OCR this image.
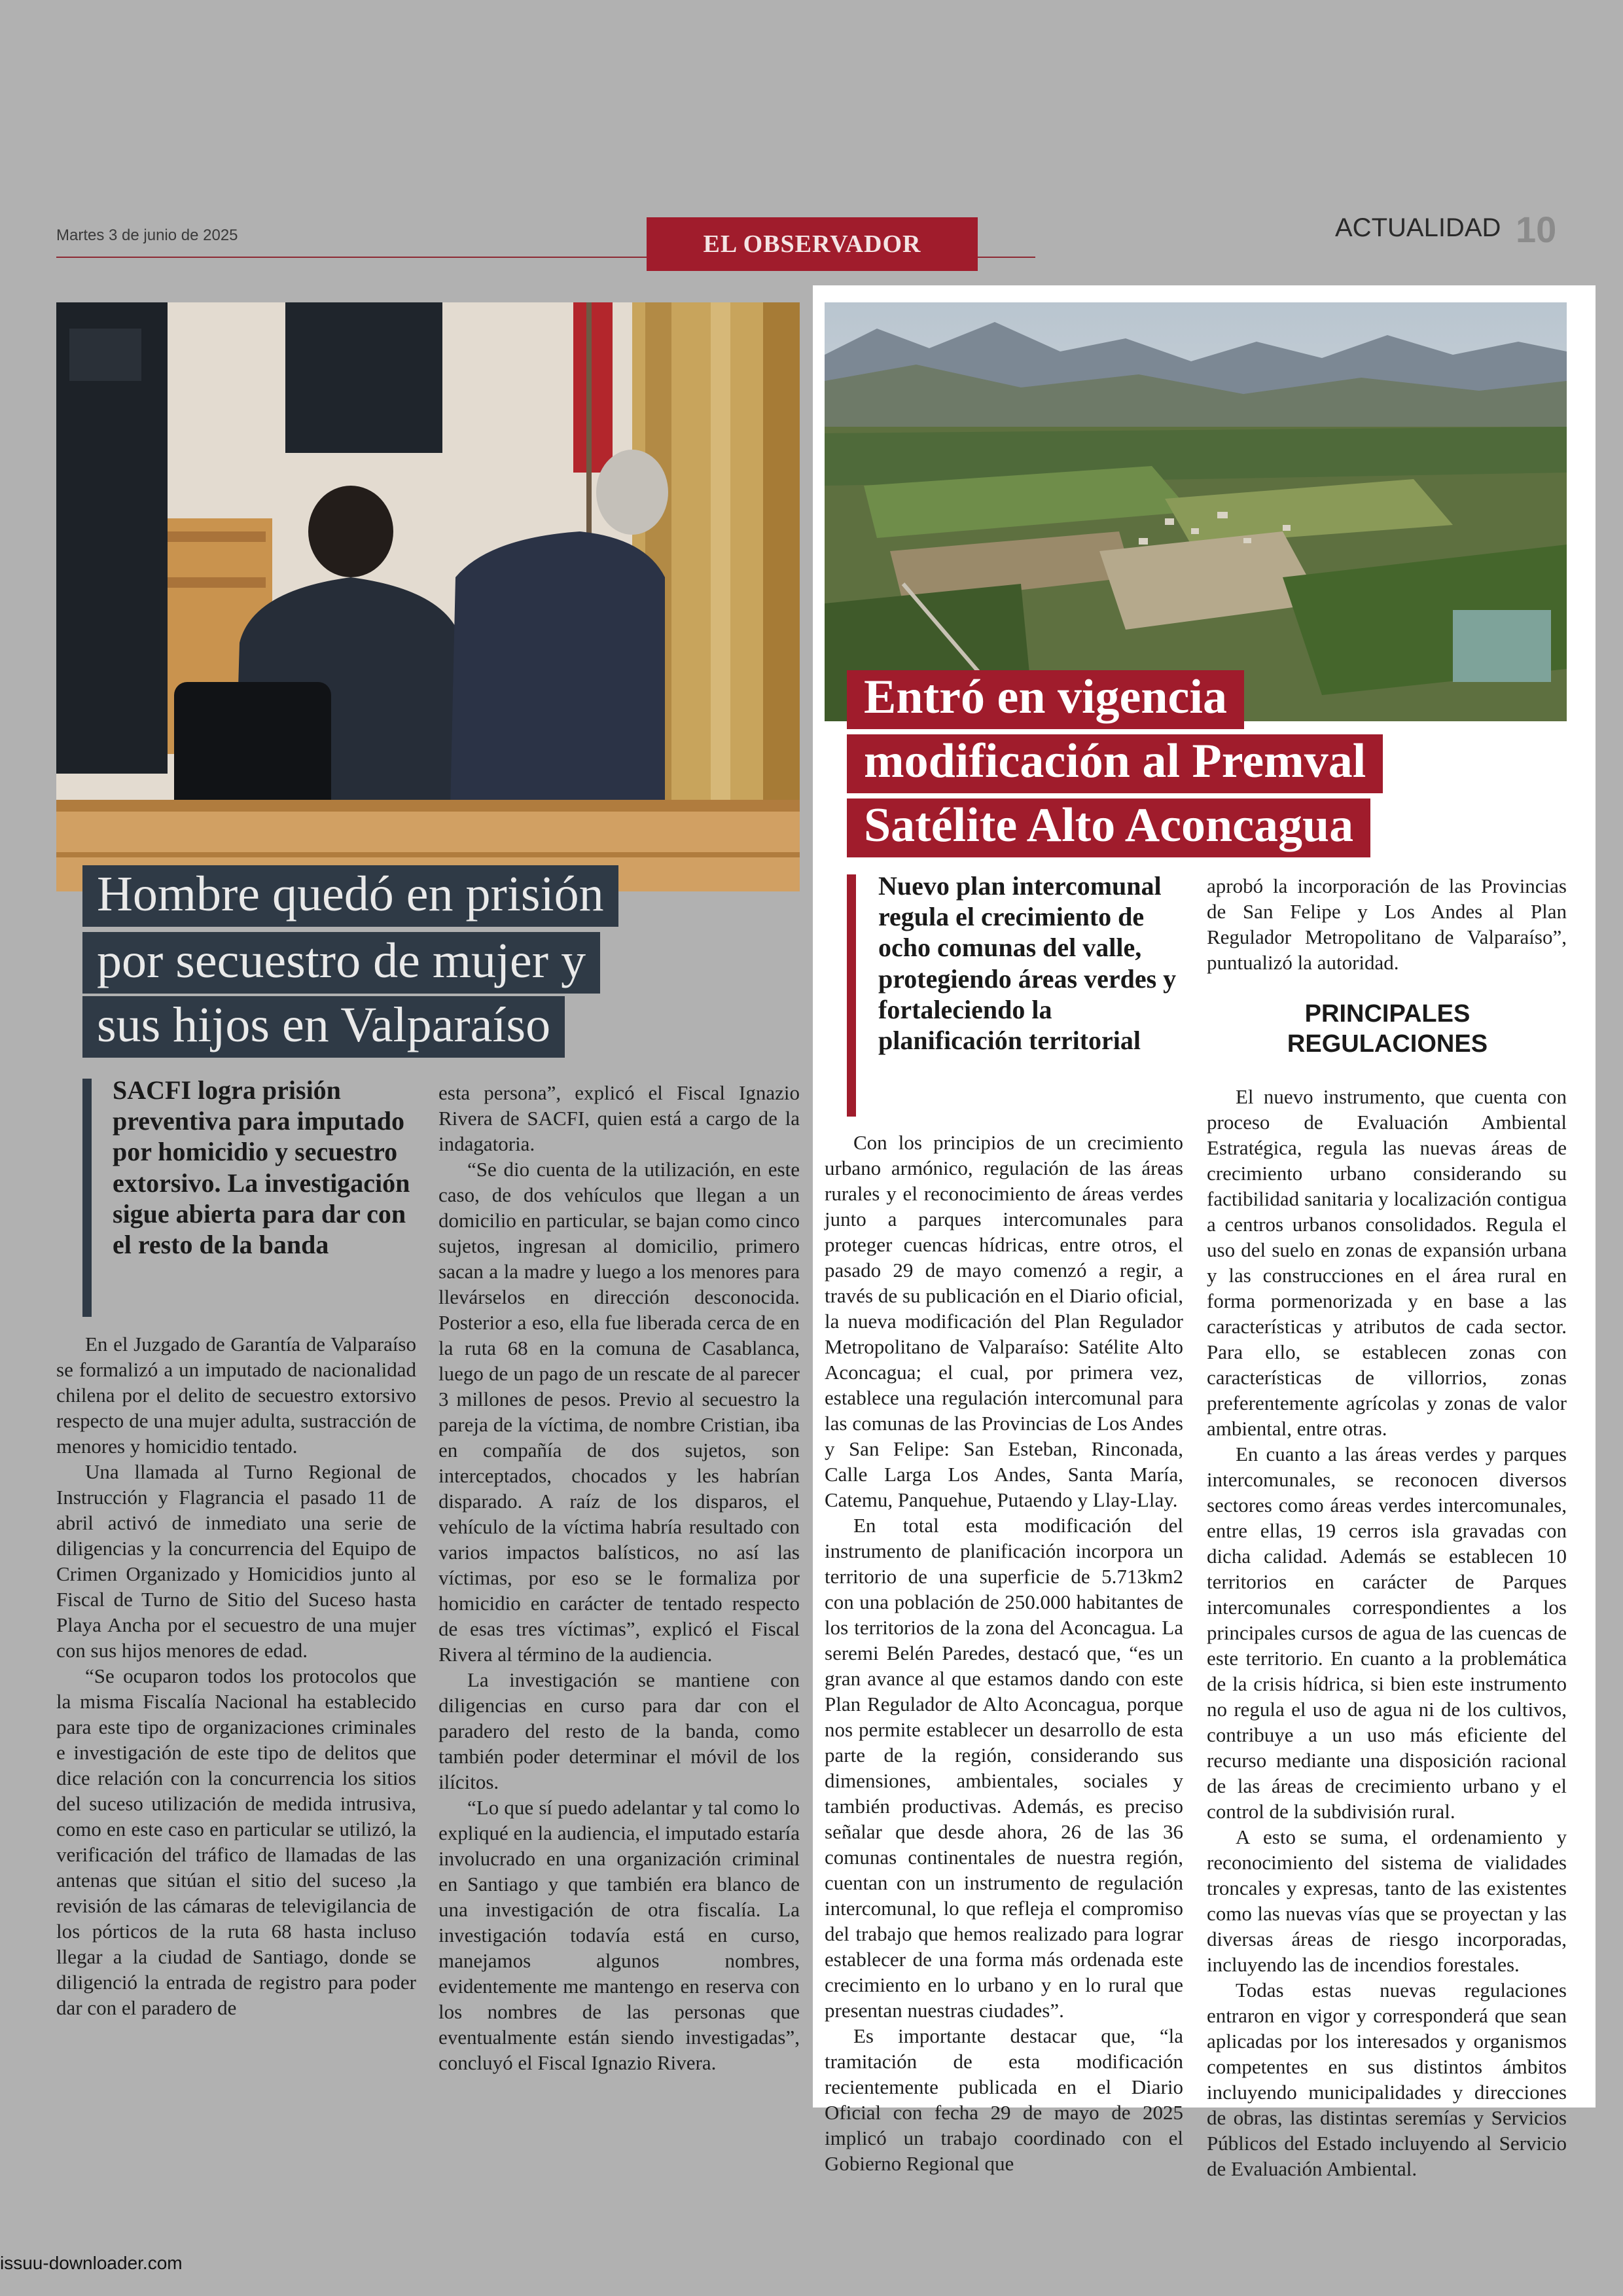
Martes 3 de junio de 2025	EL OBSERVADOR
ACTUALIDAD 10
Hombre quedó en prisión
por secuestro de mujer y
sus hijos en Valparaíso
SACFI logra prisión preventiva para imputado por homicidio y secuestro extorsivo. La investigación sigue abierta para dar con el resto de la banda

En el Juzgado de Garantía de Valparaíso se formalizó a un imputado de nacionalidad chilena por el delito de secuestro extorsivo respecto de una mujer adulta, sustracción de menores y homicidio tentado.

Una llamada al Turno Regional de Instrucción y Flagrancia el pasado 11 de abril activó de inmediato una serie de diligencias y la concurrencia del Equipo de Crimen Organizado y Homicidios junto al Fiscal de Turno de Sitio del Suceso hasta Playa Ancha por el secuestro de una mujer con sus hijos menores de edad.

“Se ocuparon todos los protocolos que la misma Fiscalía Nacional ha establecido para este tipo de organizaciones criminales e investigación de este tipo de delitos que dice relación con la concurrencia los sitios del suceso utilización de medida intrusiva, como en este caso en particular se utilizó, la verificación del tráfico de llamadas de las antenas que sitúan el sitio del suceso ,la revisión de las cámaras de televigilancia de los pórticos de la ruta 68 hasta incluso llegar a la ciudad de Santiago, donde se diligenció la entrada de registro para poder dar con el paradero de

esta persona”, explicó el Fiscal Ignazio Rivera de SACFI, quien está a cargo de la indagatoria.

“Se dio cuenta de la utilización, en este caso, de dos vehículos que llegan a un domicilio en particular, se bajan como cinco sujetos, ingresan al domicilio, primero sacan a la madre y luego a los menores para llevárselos en dirección desconocida. Posterior a eso, ella fue liberada cerca de en la ruta 68 en la comuna de Casablanca, luego de un pago de un rescate de al parecer 3 millones de pesos. Previo al secuestro la pareja de la víctima, de nombre Cristian, iba en compañía de dos sujetos, son interceptados, chocados y les habrían disparado. A raíz de los disparos, el vehículo de la víctima habría resultado con varios impactos balísticos, no así las víctimas, por eso se le formaliza por homicidio en carácter de tentado respecto de esas tres víctimas”, explicó el Fiscal Rivera al término de la audiencia.

La investigación se mantiene con diligencias en curso para dar con el paradero del resto de la banda, como también poder determinar el móvil de los ilícitos.

“Lo que sí puedo adelantar y tal como lo expliqué en la audiencia, el imputado estaría involucrado en una organización criminal en Santiago y que también era blanco de una investigación de otra fiscalía. La investigación todavía está en curso, manejamos algunos nombres, evidentemente me mantengo en reserva con los nombres de las personas que eventualmente están siendo investigadas”, concluyó el Fiscal Ignazio Rivera.

Entró en vigencia
modificación al Premval
Satélite Alto Aconcagua
Nuevo plan intercomunal regula el crecimiento de ocho comunas del valle, protegiendo áreas verdes y fortaleciendo la planificación territorial

Con los principios de un crecimiento urbano armónico, regulación de las áreas rurales y el reconocimiento de áreas verdes junto a parques intercomunales para proteger cuencas hídricas, entre otros, el pasado 29 de mayo comenzó a regir, a través de su publicación en el Diario oficial, la nueva modificación del Plan Regulador Metropolitano de Valparaíso: Satélite Alto Aconcagua; el cual, por primera vez, establece una regulación intercomunal para las comunas de las Provincias de Los Andes y San Felipe: San Esteban, Rinconada, Calle Larga Los Andes, Santa María, Catemu, Panquehue, Putaendo y Llay-Llay.

En total esta modificación del instrumento de planificación incorpora un territorio de una superficie de 5.713km2 con una población de 250.000 habitantes de los territorios de la zona del Aconcagua. La seremi Belén Paredes, destacó que, “es un gran avance al que estamos dando con este Plan Regulador de Alto Aconcagua, porque nos permite establecer un desarrollo de esta parte de la región, considerando sus dimensiones, ambientales, sociales y también productivas. Además, es preciso señalar que desde ahora, 26 de las 36 comunas continentales de nuestra región, cuentan con un instrumento de regulación intercomunal, lo que refleja el compromiso del trabajo que hemos realizado para lograr establecer de una forma más ordenada este crecimiento en lo urbano y en lo rural que presentan nuestras ciudades”.

Es importante destacar que, “la tramitación de esta modificación recientemente publicada en el Diario Oficial con fecha 29 de mayo de 2025 implicó un trabajo coordinado con el Gobierno Regional que

aprobó la incorporación de las Provincias de San Felipe y Los Andes al Plan Regulador Metropolitano de Valparaíso”, puntualizó la autoridad.

PRINCIPALES REGULACIONES

El nuevo instrumento, que cuenta con proceso de Evaluación Ambiental Estratégica, regula las nuevas áreas de crecimiento urbano considerando su factibilidad sanitaria y localización contigua a centros urbanos consolidados. Regula el uso del suelo en zonas de expansión urbana y las construcciones en el área rural en forma pormenorizada y en base a las características y atributos de cada sector. Para ello, se establecen zonas con características de villorrios, zonas preferentemente agrícolas y zonas de valor ambiental, entre otras.

En cuanto a las áreas verdes y parques intercomunales, se reconocen diversos sectores como áreas verdes intercomunales, entre ellas, 19 cerros isla gravadas con dicha calidad. Además se establecen 10 territorios en carácter de Parques intercomunales correspondientes a los principales cursos de agua de las cuencas de este territorio. En cuanto a la problemática de la crisis hídrica, si bien este instrumento no regula el uso de agua ni de los cultivos, contribuye a un uso más eficiente del recurso mediante una disposición racional de las áreas de crecimiento urbano y el control de la subdivisión rural.

A esto se suma, el ordenamiento y reconocimiento del sistema de vialidades troncales y expresas, tanto de las existentes como las nuevas vías que se proyectan y las diversas áreas de riesgo incorporadas, incluyendo las de incendios forestales.

Todas estas nuevas regulaciones entraron en vigor y corresponderá que sean aplicadas por los interesados y organismos competentes en sus distintos ámbitos incluyendo municipalidades y direcciones de obras, las distintas seremías y Servicios Públicos del Estado incluyendo al Servicio de Evaluación Ambiental.

issuu-downloader.com
